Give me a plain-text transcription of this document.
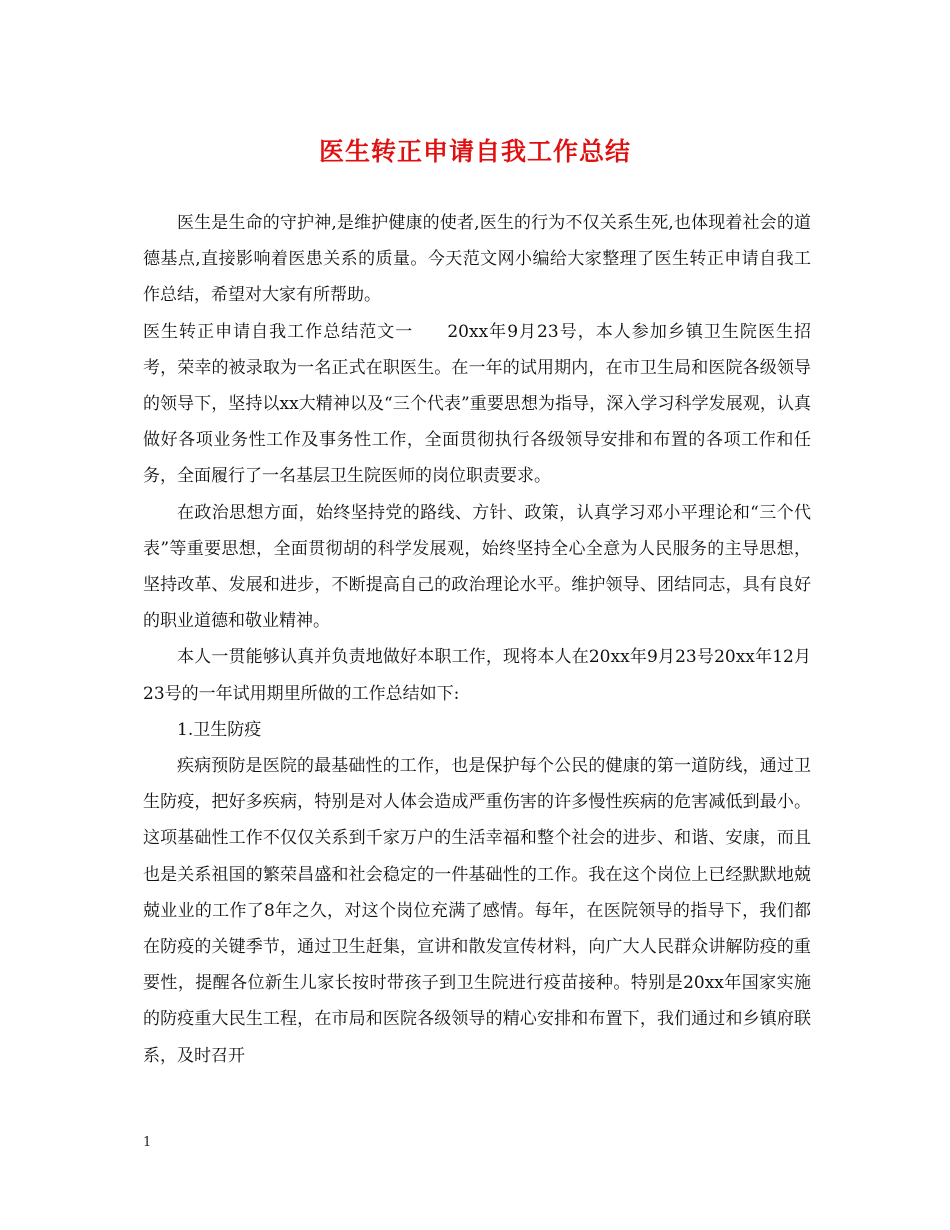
医生转正申请自我工作总结

医生是生命的守护神,是维护健康的使者,医生的行为不仅关系生死,也体现着社会的道德基点,直接影响着医患关系的质量。今天范文网小编给大家整理了医生转正申请自我工作总结，希望对大家有所帮助。

医生转正申请自我工作总结范文一 20xx年9月23号，本人参加乡镇卫生院医生招考，荣幸的被录取为一名正式在职医生。在一年的试用期内，在市卫生局和医院各级领导的领导下，坚持以xx大精神以及“三个代表”重要思想为指导，深入学习科学发展观，认真做好各项业务性工作及事务性工作，全面贯彻执行各级领导安排和布置的各项工作和任务，全面履行了一名基层卫生院医师的岗位职责要求。

在政治思想方面，始终坚持党的路线、方针、政策，认真学习邓小平理论和“三个代表”等重要思想，全面贯彻胡的科学发展观，始终坚持全心全意为人民服务的主导思想，坚持改革、发展和进步，不断提高自己的政治理论水平。维护领导、团结同志，具有良好的职业道德和敬业精神。

本人一贯能够认真并负责地做好本职工作，现将本人在20xx年9月23号20xx年12月23号的一年试用期里所做的工作总结如下:

1.卫生防疫

疾病预防是医院的最基础性的工作，也是保护每个公民的健康的第一道防线，通过卫生防疫，把好多疾病，特别是对人体会造成严重伤害的许多慢性疾病的危害减低到最小。这项基础性工作不仅仅关系到千家万户的生活幸福和整个社会的进步、和谐、安康，而且也是关系祖国的繁荣昌盛和社会稳定的一件基础性的工作。我在这个岗位上已经默默地兢兢业业的工作了8年之久，对这个岗位充满了感情。每年，在医院领导的指导下，我们都在防疫的关键季节，通过卫生赶集，宣讲和散发宣传材料，向广大人民群众讲解防疫的重要性，提醒各位新生儿家长按时带孩子到卫生院进行疫苗接种。特别是20xx年国家实施的防疫重大民生工程，在市局和医院各级领导的精心安排和布置下，我们通过和乡镇府联系，及时召开

1
